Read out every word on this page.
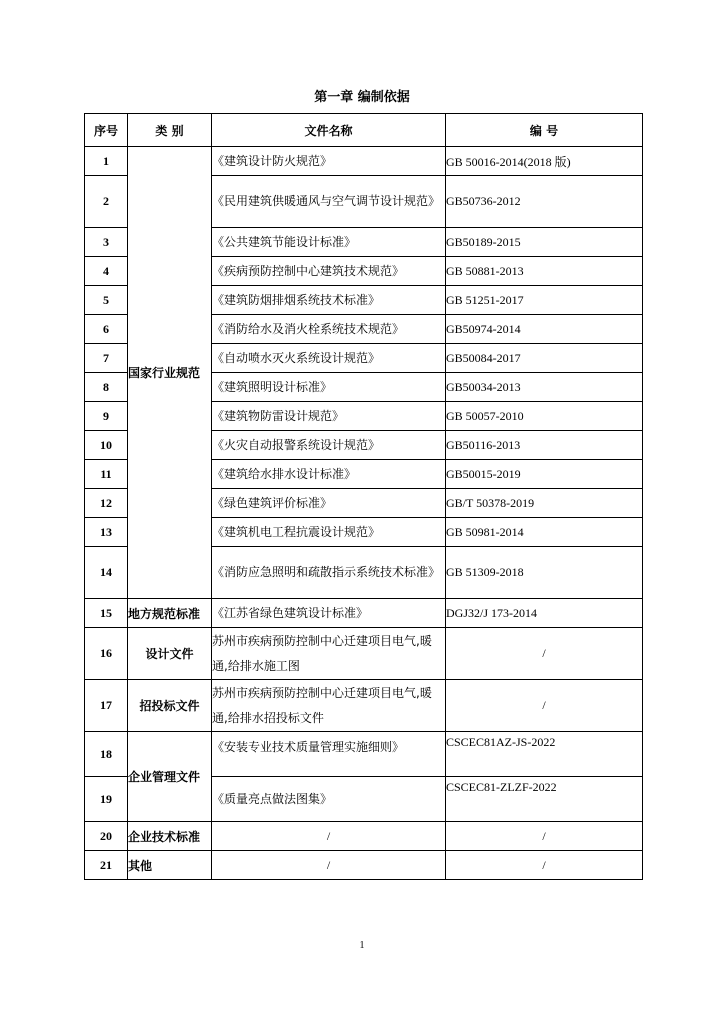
第一章 编制依据
序号	类 别	文件名称	编 号
1	国家行业规范	《建筑设计防火规范》	GB 50016-2014(2018 版)
2		《民用建筑供暖通风与空气调节设计规范》	GB50736-2012
3		《公共建筑节能设计标准》	GB50189-2015
4		《疾病预防控制中心建筑技术规范》	GB 50881-2013
5		《建筑防烟排烟系统技术标准》	GB 51251-2017
6		《消防给水及消火栓系统技术规范》	GB50974-2014
7		《自动喷水灭火系统设计规范》	GB50084-2017
8		《建筑照明设计标准》	GB50034-2013
9		《建筑物防雷设计规范》	GB 50057-2010
10		《火灾自动报警系统设计规范》	GB50116-2013
11		《建筑给水排水设计标准》	GB50015-2019
12		《绿色建筑评价标准》	GB/T 50378-2019
13		《建筑机电工程抗震设计规范》	GB 50981-2014
14		《消防应急照明和疏散指示系统技术标准》	GB 51309-2018
15	地方规范标准	《江苏省绿色建筑设计标准》	DGJ32/J 173-2014
16	设计文件	苏州市疾病预防控制中心迁建项目电气,暖通,给排水施工图	/
17	招投标文件	苏州市疾病预防控制中心迁建项目电气,暖通,给排水招投标文件	/
18	企业管理文件	《安装专业技术质量管理实施细则》	CSCEC81AZ-JS-2022
19		《质量亮点做法图集》	CSCEC81-ZLZF-2022
20	企业技术标准	/	/
21	其他	/	/
1
